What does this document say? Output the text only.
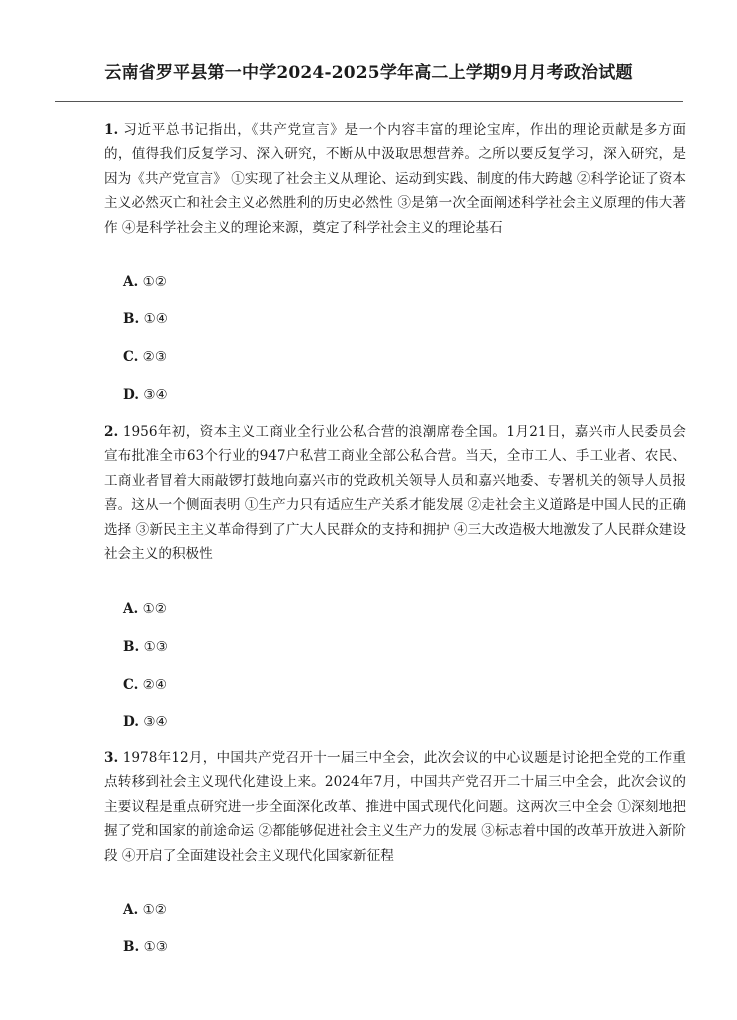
云南省罗平县第一中学2024-2025学年高二上学期9月月考政治试题
1. 习近平总书记指出，《共产党宣言》是一个内容丰富的理论宝库，作出的理论贡献是多方面的，值得我们反复学习、深入研究，不断从中汲取思想营养。之所以要反复学习，深入研究，是因为《共产党宣言》 ①实现了社会主义从理论、运动到实践、制度的伟大跨越 ②科学论证了资本主义必然灭亡和社会主义必然胜利的历史必然性 ③是第一次全面阐述科学社会主义原理的伟大著作 ④是科学社会主义的理论来源，奠定了科学社会主义的理论基石
A. ①②
B. ①④
C. ②③
D. ③④
2. 1956年初，资本主义工商业全行业公私合营的浪潮席卷全国。1月21日，嘉兴市人民委员会宣布批准全市63个行业的947户私营工商业全部公私合营。当天，全市工人、手工业者、农民、工商业者冒着大雨敲锣打鼓地向嘉兴市的党政机关领导人员和嘉兴地委、专署机关的领导人员报喜。这从一个侧面表明 ①生产力只有适应生产关系才能发展 ②走社会主义道路是中国人民的正确选择 ③新民主主义革命得到了广大人民群众的支持和拥护 ④三大改造极大地激发了人民群众建设社会主义的积极性
A. ①②
B. ①③
C. ②④
D. ③④
3. 1978年12月，中国共产党召开十一届三中全会，此次会议的中心议题是讨论把全党的工作重点转移到社会主义现代化建设上来。2024年7月，中国共产党召开二十届三中全会，此次会议的主要议程是重点研究进一步全面深化改革、推进中国式现代化问题。这两次三中全会 ①深刻地把握了党和国家的前途命运 ②都能够促进社会主义生产力的发展 ③标志着中国的改革开放进入新阶段 ④开启了全面建设社会主义现代化国家新征程
A. ①②
B. ①③
